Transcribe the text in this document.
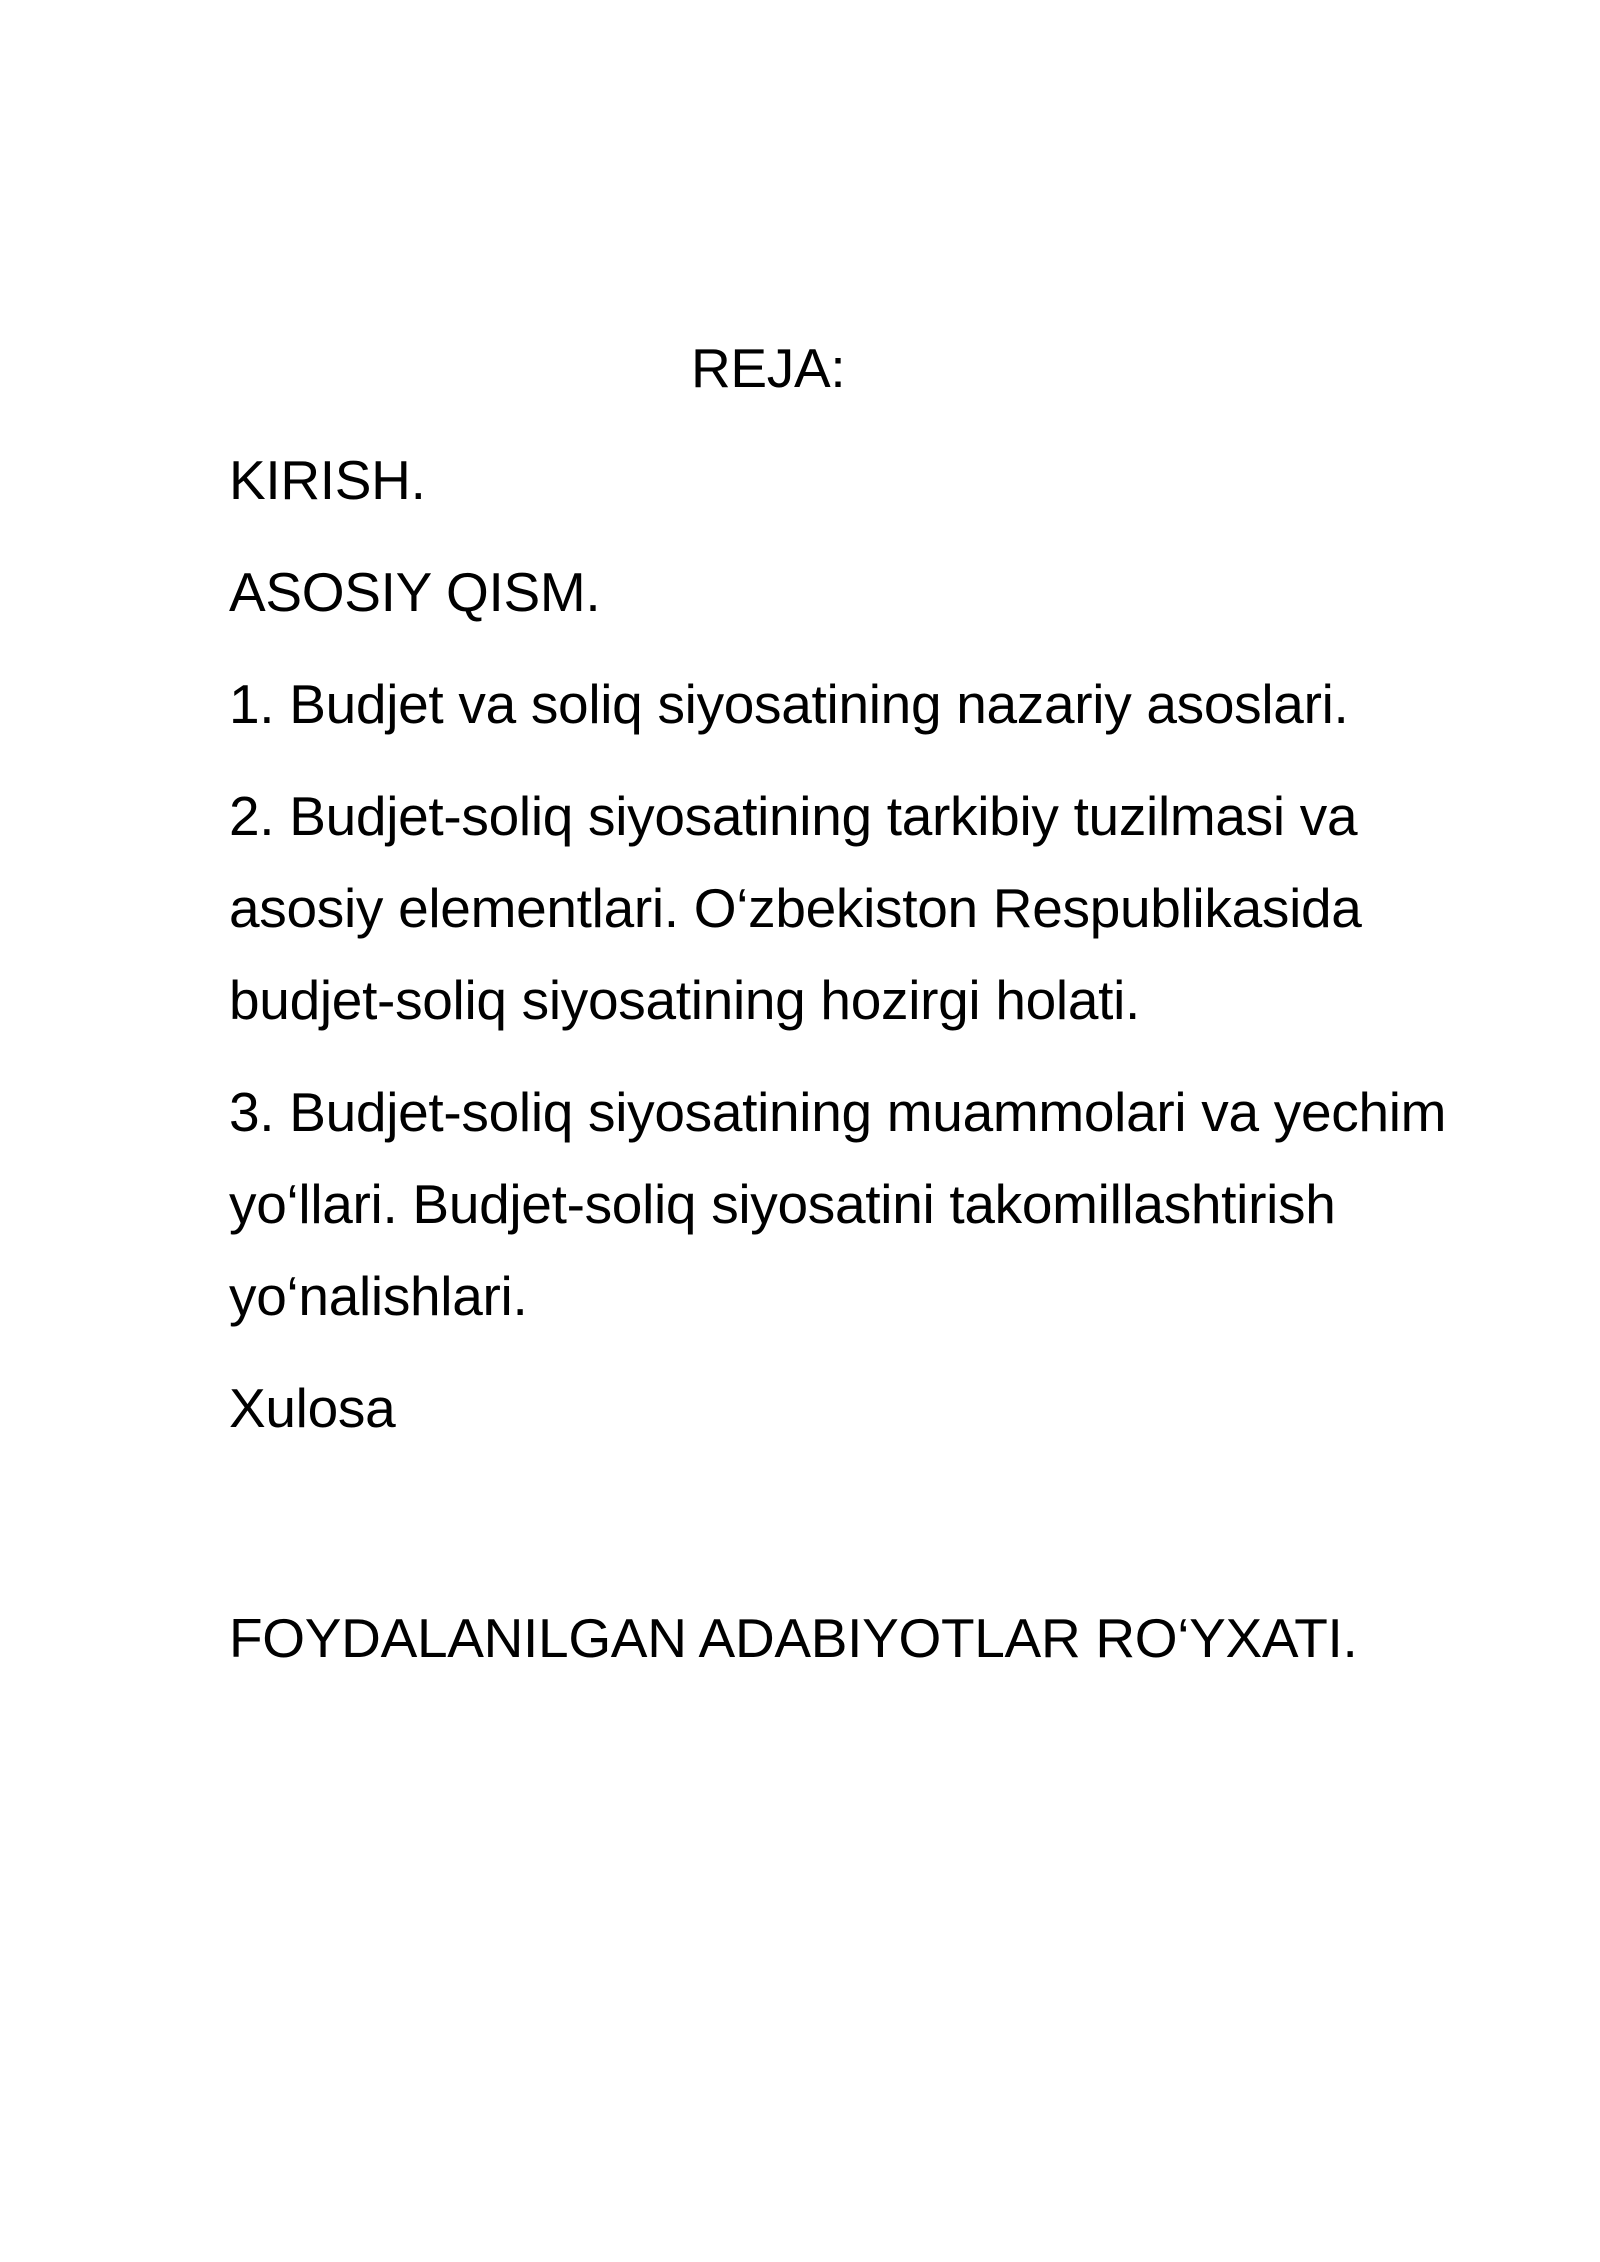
REJA:
KIRISH.
ASOSIY QISM.
1. Budjet va soliq siyosatining nazariy asoslari.
2. Budjet-soliq siyosatining tarkibiy tuzilmasi va asosiy elementlari. O‘zbekiston Respublikasida budjet-soliq siyosatining hozirgi holati.
3. Budjet-soliq siyosatining muammolari va yechim yo‘llari. Budjet-soliq siyosatini takomillashtirish yo‘nalishlari.
Xulosa
FOYDALANILGAN ADABIYOTLAR RO‘YXATI.
